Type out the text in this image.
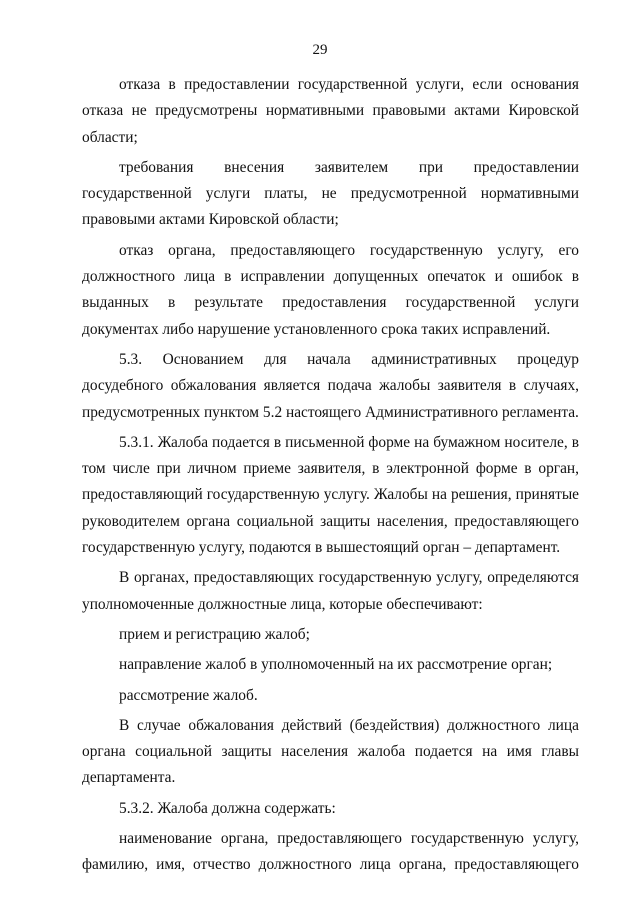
29

отказа в предоставлении государственной услуги, если основания отказа не предусмотрены нормативными правовыми актами Кировской области;

требования внесения заявителем при предоставлении государственной услуги платы, не предусмотренной нормативными правовыми актами Кировской области;

отказ органа, предоставляющего государственную услугу, его должностного лица в исправлении допущенных опечаток и ошибок в выданных в результате предоставления государственной услуги документах либо нарушение установленного срока таких исправлений.

5.3. Основанием для начала административных процедур досудебного обжалования является подача жалобы заявителя в случаях, предусмотренных пунктом 5.2 настоящего Административного регламента.

5.3.1. Жалоба подается в письменной форме на бумажном носителе, в том числе при личном приеме заявителя, в электронной форме в орган, предоставляющий государственную услугу. Жалобы на решения, принятые руководителем органа социальной защиты населения, предоставляющего государственную услугу, подаются в вышестоящий орган – департамент.

В органах, предоставляющих государственную услугу, определяются уполномоченные должностные лица, которые обеспечивают:

прием и регистрацию жалоб;

направление жалоб в уполномоченный на их рассмотрение орган;

рассмотрение жалоб.

В случае обжалования действий (бездействия) должностного лица органа социальной защиты населения жалоба подается на имя главы департамента.

5.3.2. Жалоба должна содержать:

наименование органа, предоставляющего государственную услугу, фамилию, имя, отчество должностного лица органа, предоставляющего
